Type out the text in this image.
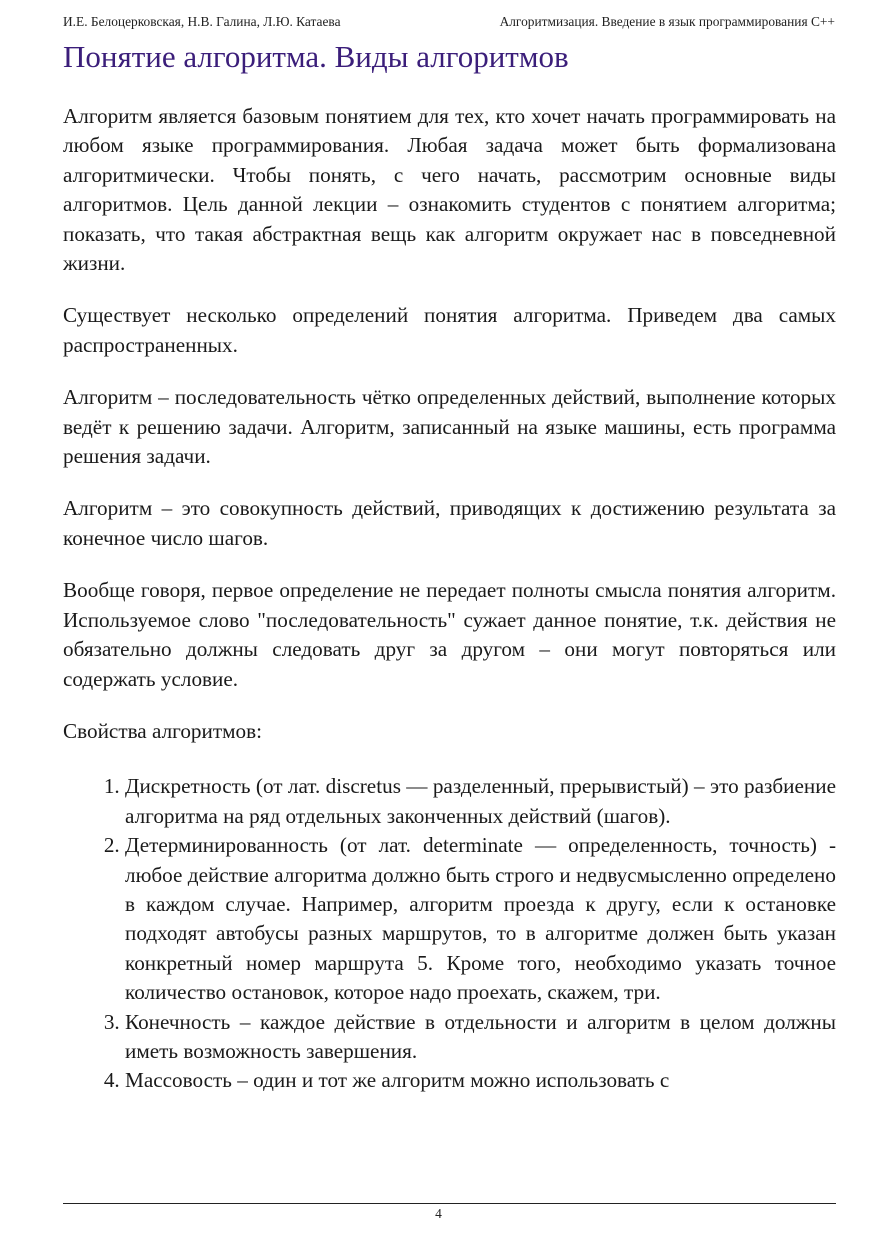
И.Е. Белоцерковская, Н.В. Галина, Л.Ю. Катаева	Алгоритмизация. Введение в язык программирования С++
Понятие алгоритма. Виды алгоритмов

Алгоритм является базовым понятием для тех, кто хочет начать программировать на любом языке программирования. Любая задача может быть формализована алгоритмически. Чтобы понять, с чего начать, рассмотрим основные виды алгоритмов. Цель данной лекции – ознакомить студентов с понятием алгоритма; показать, что такая абстрактная вещь как алгоритм окружает нас в повседневной жизни.

Существует несколько определений понятия алгоритма. Приведем два самых распространенных.

Алгоритм – последовательность чётко определенных действий, выполнение которых ведёт к решению задачи. Алгоритм, записанный на языке машины, есть программа решения задачи.

Алгоритм – это совокупность действий, приводящих к достижению результата за конечное число шагов.

Вообще говоря, первое определение не передает полноты смысла понятия алгоритм. Используемое слово "последовательность" сужает данное понятие, т.к. действия не обязательно должны следовать друг за другом – они могут повторяться или содержать условие.

Свойства алгоритмов:

1. Дискретность (от лат. discretus — разделенный, прерывистый) – это разбиение алгоритма на ряд отдельных законченных действий (шагов).
2. Детерминированность (от лат. determinate — определенность, точность) - любое действие алгоритма должно быть строго и недвусмысленно определено в каждом случае. Например, алгоритм проезда к другу, если к остановке подходят автобусы разных маршрутов, то в алгоритме должен быть указан конкретный номер маршрута 5. Кроме того, необходимо указать точное количество остановок, которое надо проехать, скажем, три.
3. Конечность – каждое действие в отдельности и алгоритм в целом должны иметь возможность завершения.
4. Массовость – один и тот же алгоритм можно использовать с
4
